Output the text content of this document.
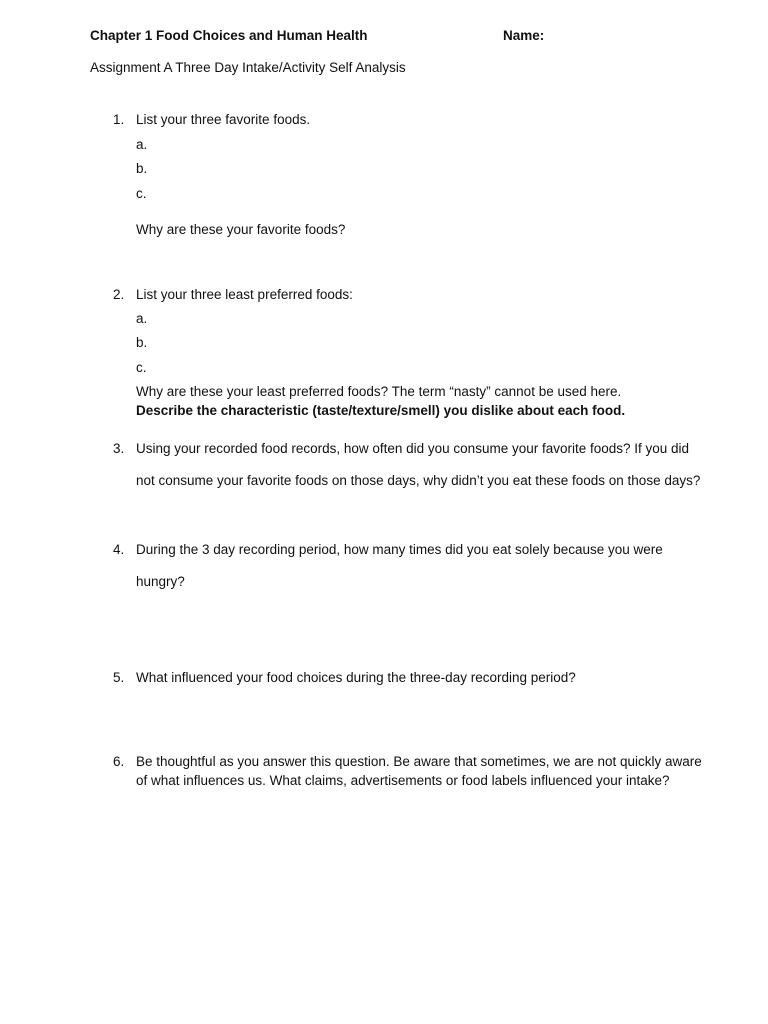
Chapter 1 Food Choices and Human Health	Name:
Assignment A Three Day Intake/Activity Self Analysis
1. List your three favorite foods.
a.
b.
c.
Why are these your favorite foods?
2. List your three least preferred foods:
a.
b.
c.
Why are these your least preferred foods? The term “nasty” cannot be used here.
Describe the characteristic (taste/texture/smell) you dislike about each food.
3. Using your recorded food records, how often did you consume your favorite foods? If you did
not consume your favorite foods on those days, why didn’t you eat these foods on those days?
4. During the 3 day recording period, how many times did you eat solely because you were
hungry?
5. What influenced your food choices during the three-day recording period?
6. Be thoughtful as you answer this question. Be aware that sometimes, we are not quickly aware
of what influences us. What claims, advertisements or food labels influenced your intake?
